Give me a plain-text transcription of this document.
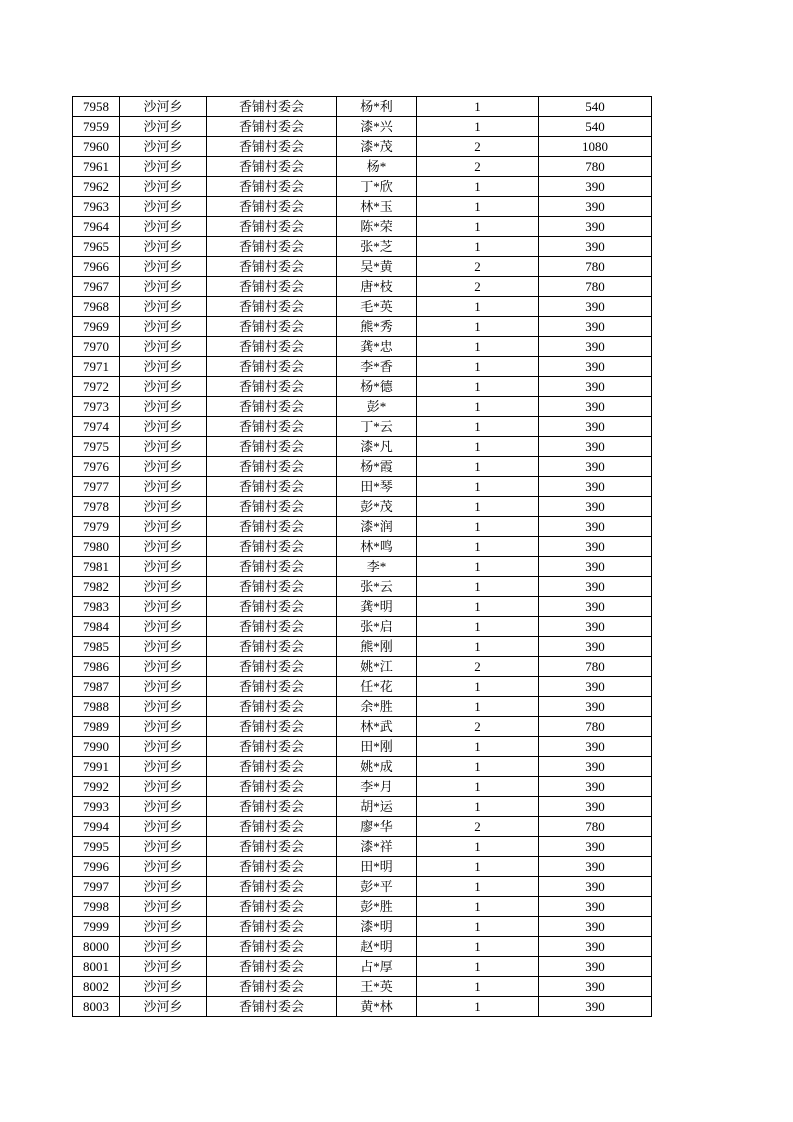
7958	沙河乡	香铺村委会	杨*利	1	540
7959	沙河乡	香铺村委会	漆*兴	1	540
7960	沙河乡	香铺村委会	漆*茂	2	1080
7961	沙河乡	香铺村委会	杨*	2	780
7962	沙河乡	香铺村委会	丁*欣	1	390
7963	沙河乡	香铺村委会	林*玉	1	390
7964	沙河乡	香铺村委会	陈*荣	1	390
7965	沙河乡	香铺村委会	张*芝	1	390
7966	沙河乡	香铺村委会	吴*黄	2	780
7967	沙河乡	香铺村委会	唐*枝	2	780
7968	沙河乡	香铺村委会	毛*英	1	390
7969	沙河乡	香铺村委会	熊*秀	1	390
7970	沙河乡	香铺村委会	龚*忠	1	390
7971	沙河乡	香铺村委会	李*香	1	390
7972	沙河乡	香铺村委会	杨*德	1	390
7973	沙河乡	香铺村委会	彭*	1	390
7974	沙河乡	香铺村委会	丁*云	1	390
7975	沙河乡	香铺村委会	漆*凡	1	390
7976	沙河乡	香铺村委会	杨*霞	1	390
7977	沙河乡	香铺村委会	田*琴	1	390
7978	沙河乡	香铺村委会	彭*茂	1	390
7979	沙河乡	香铺村委会	漆*润	1	390
7980	沙河乡	香铺村委会	林*鸣	1	390
7981	沙河乡	香铺村委会	李*	1	390
7982	沙河乡	香铺村委会	张*云	1	390
7983	沙河乡	香铺村委会	龚*明	1	390
7984	沙河乡	香铺村委会	张*启	1	390
7985	沙河乡	香铺村委会	熊*刚	1	390
7986	沙河乡	香铺村委会	姚*江	2	780
7987	沙河乡	香铺村委会	任*花	1	390
7988	沙河乡	香铺村委会	余*胜	1	390
7989	沙河乡	香铺村委会	林*武	2	780
7990	沙河乡	香铺村委会	田*刚	1	390
7991	沙河乡	香铺村委会	姚*成	1	390
7992	沙河乡	香铺村委会	李*月	1	390
7993	沙河乡	香铺村委会	胡*运	1	390
7994	沙河乡	香铺村委会	廖*华	2	780
7995	沙河乡	香铺村委会	漆*祥	1	390
7996	沙河乡	香铺村委会	田*明	1	390
7997	沙河乡	香铺村委会	彭*平	1	390
7998	沙河乡	香铺村委会	彭*胜	1	390
7999	沙河乡	香铺村委会	漆*明	1	390
8000	沙河乡	香铺村委会	赵*明	1	390
8001	沙河乡	香铺村委会	占*厚	1	390
8002	沙河乡	香铺村委会	王*英	1	390
8003	沙河乡	香铺村委会	黄*林	1	390
